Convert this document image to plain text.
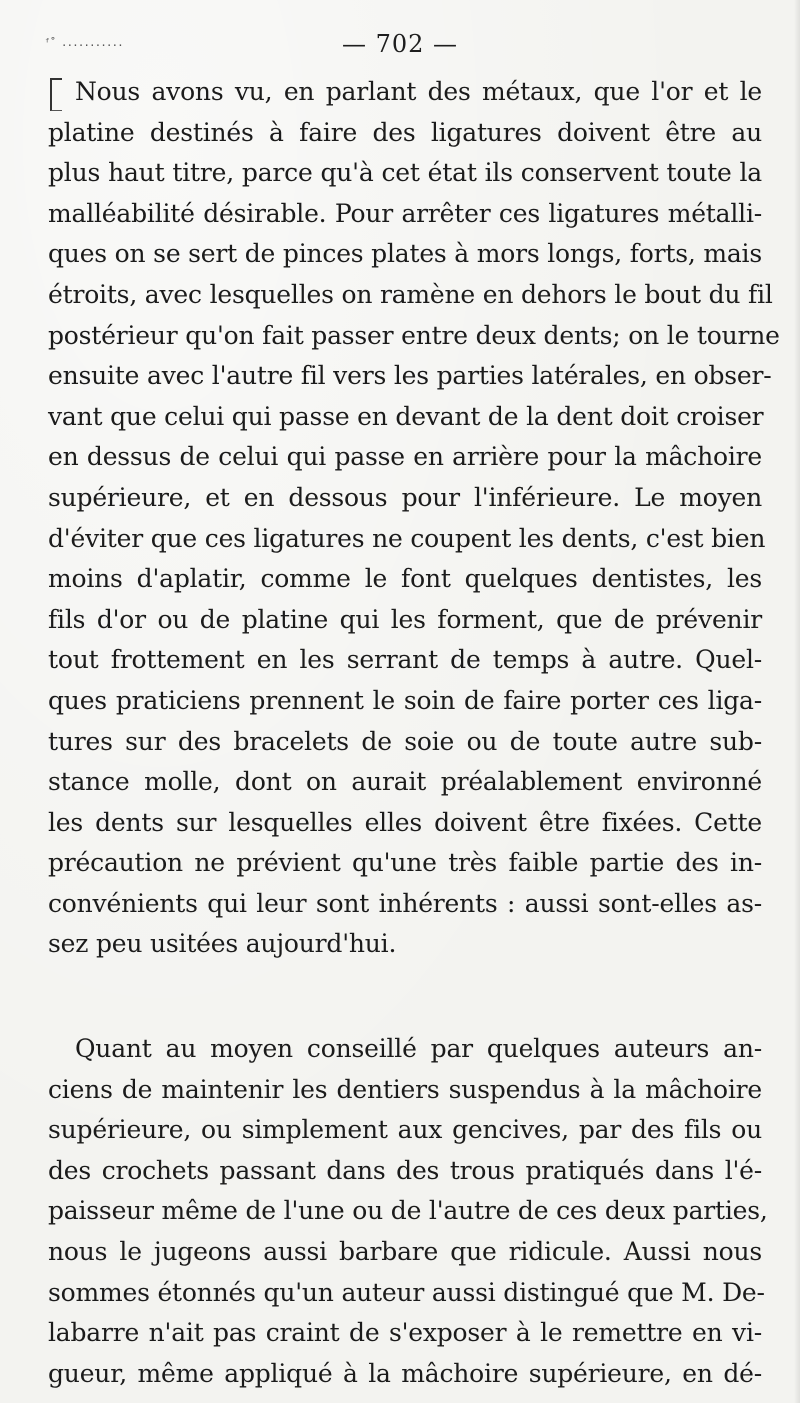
ᶠ˚ ...........	— 702 —
Nous avons vu, en parlant des métaux, que l'or et le
platine destinés à faire des ligatures doivent être au
plus haut titre, parce qu'à cet état ils conservent toute la
malléabilité désirable. Pour arrêter ces ligatures métalli-
ques on se sert de pinces plates à mors longs, forts, mais
étroits, avec lesquelles on ramène en dehors le bout du fil
postérieur qu'on fait passer entre deux dents; on le tourne
ensuite avec l'autre fil vers les parties latérales, en obser-
vant que celui qui passe en devant de la dent doit croiser
en dessus de celui qui passe en arrière pour la mâchoire
supérieure, et en dessous pour l'inférieure. Le moyen
d'éviter que ces ligatures ne coupent les dents, c'est bien
moins d'aplatir, comme le font quelques dentistes, les
fils d'or ou de platine qui les forment, que de prévenir
tout frottement en les serrant de temps à autre. Quel-
ques praticiens prennent le soin de faire porter ces liga-
tures sur des bracelets de soie ou de toute autre sub-
stance molle, dont on aurait préalablement environné
les dents sur lesquelles elles doivent être fixées. Cette
précaution ne prévient qu'une très faible partie des in-
convénients qui leur sont inhérents : aussi sont-elles as-
sez peu usitées aujourd'hui.
Quant au moyen conseillé par quelques auteurs an-
ciens de maintenir les dentiers suspendus à la mâchoire
supérieure, ou simplement aux gencives, par des fils ou
des crochets passant dans des trous pratiqués dans l'é-
paisseur même de l'une ou de l'autre de ces deux parties,
nous le jugeons aussi barbare que ridicule. Aussi nous
sommes étonnés qu'un auteur aussi distingué que M. De-
labarre n'ait pas craint de s'exposer à le remettre en vi-
gueur, même appliqué à la mâchoire supérieure, en dé-
